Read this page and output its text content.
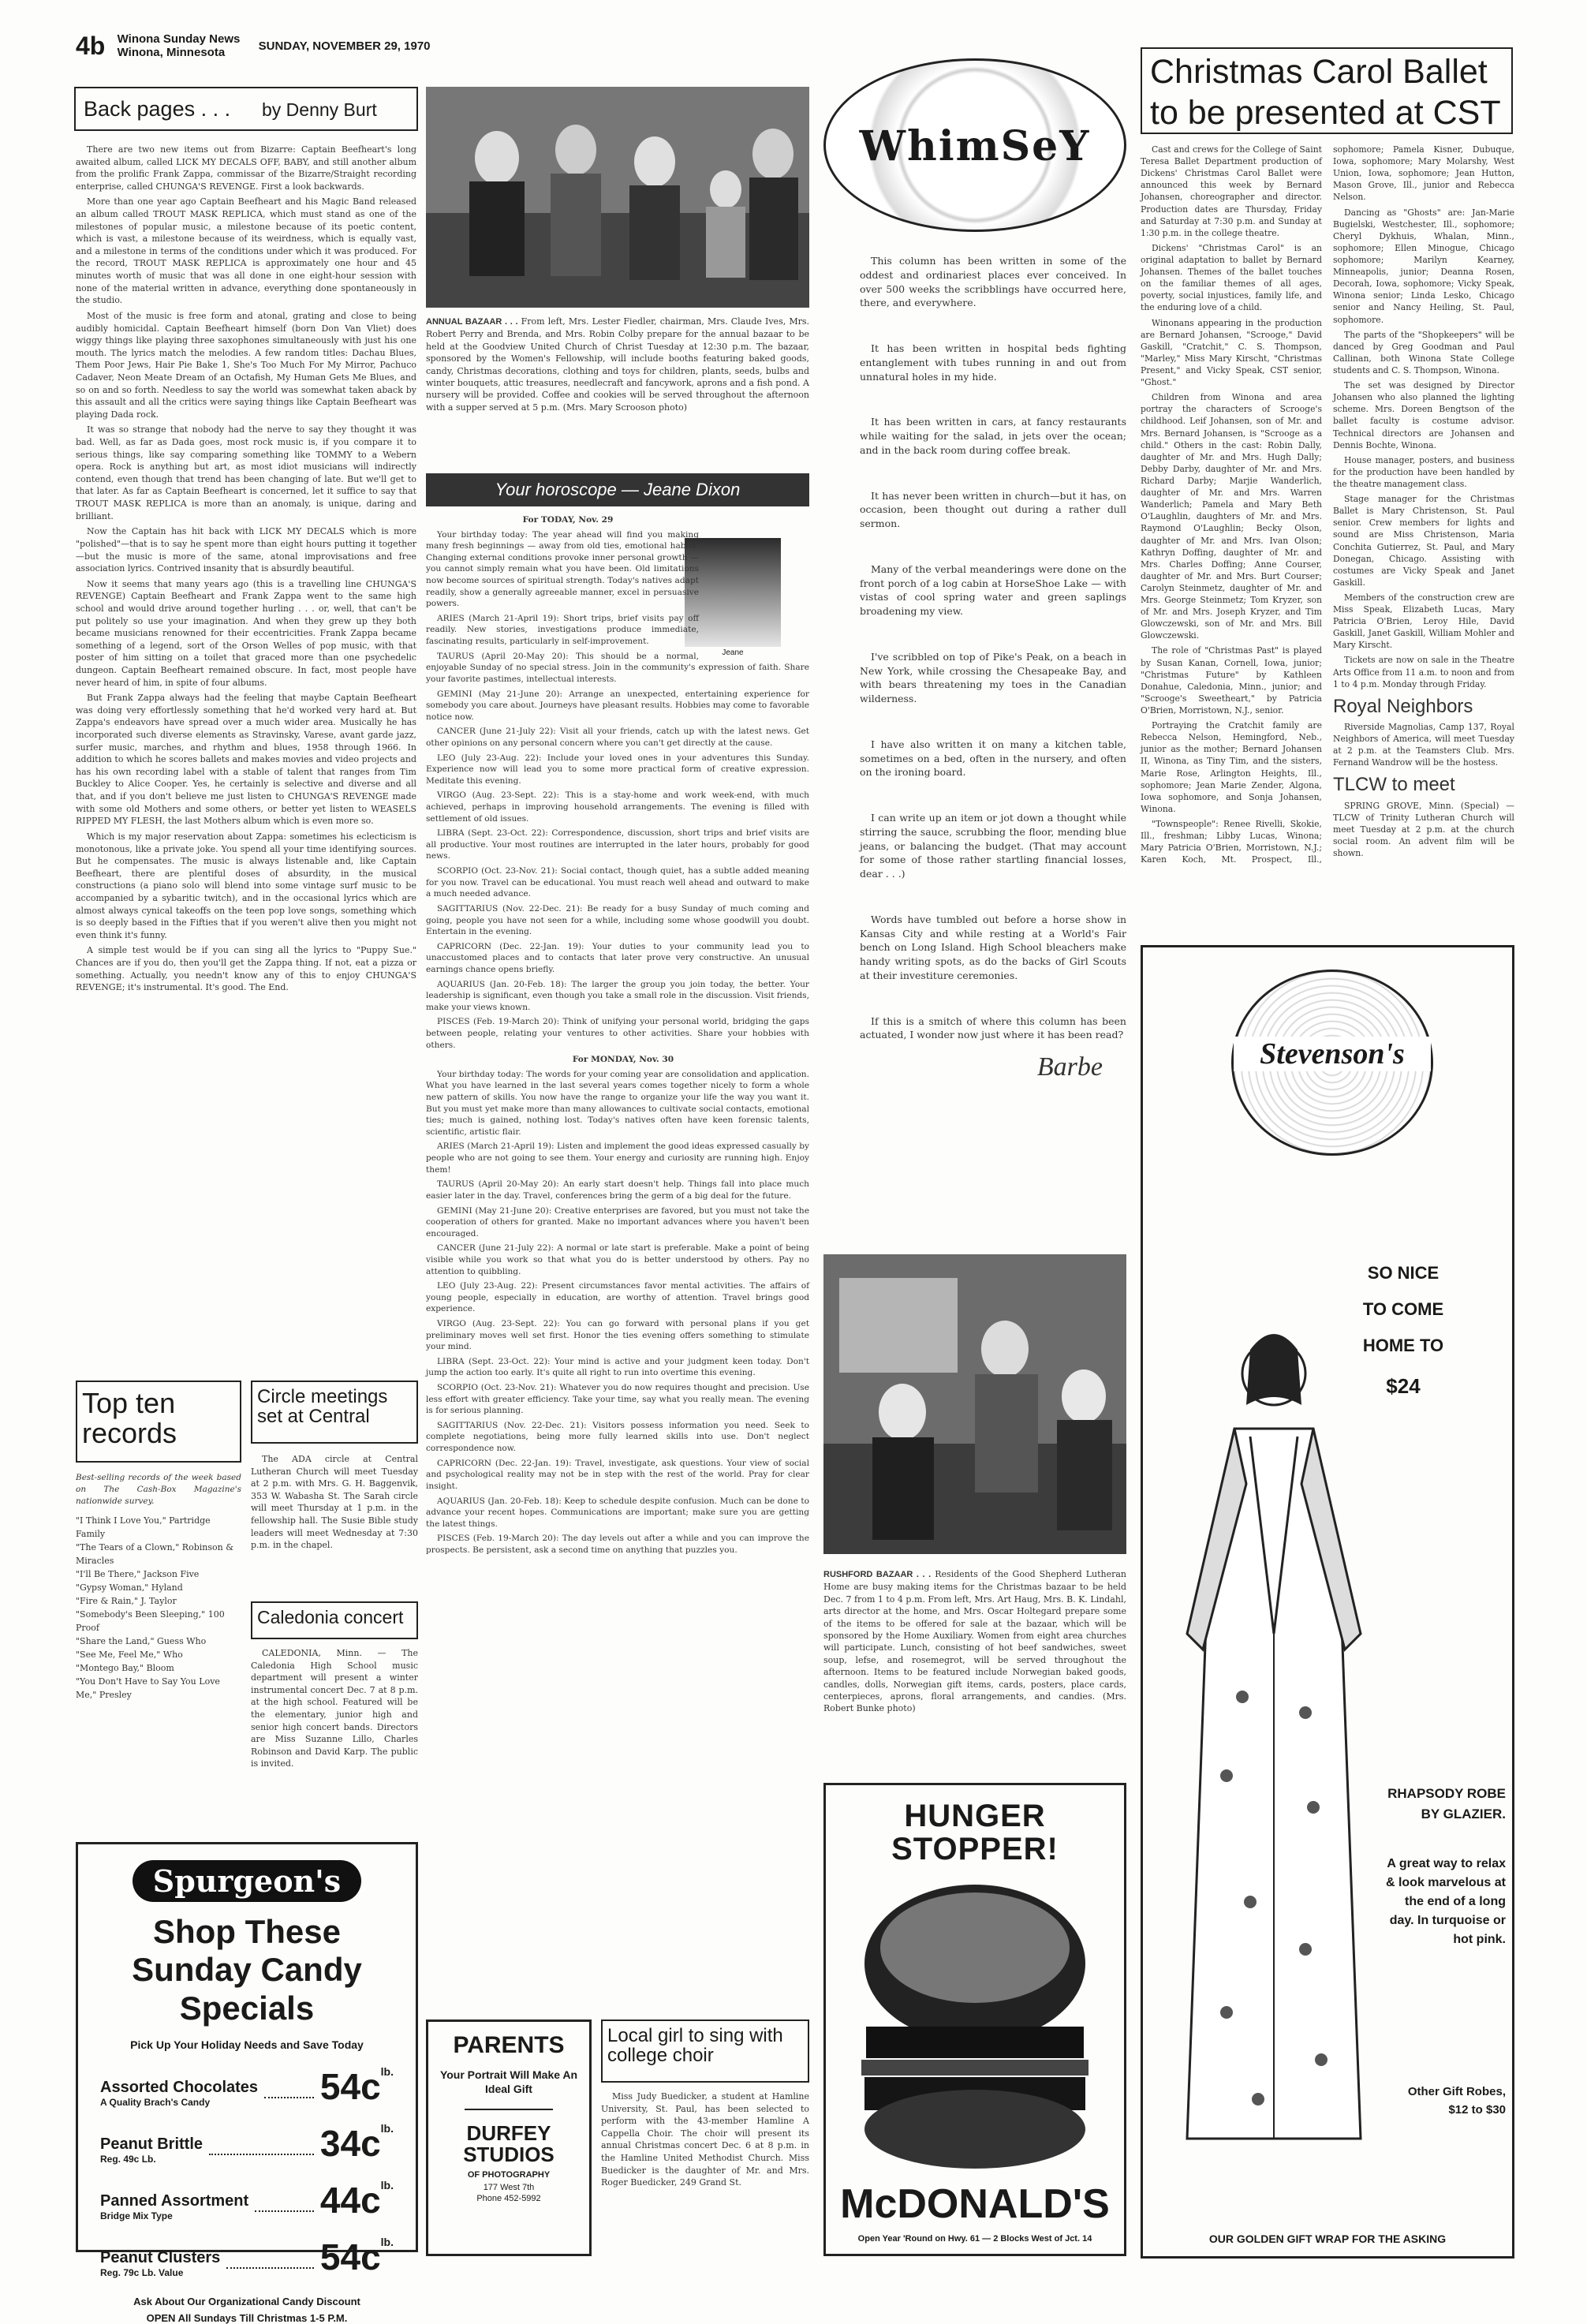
4b Winona Sunday News
Winona, Minnesota	SUNDAY, NOVEMBER 29, 1970
Back pages . . . by Denny Burt

There are two new items out from Bizarre: Captain Beefheart's long awaited album, called LICK MY DECALS OFF, BABY, and still another album from the prolific Frank Zappa, commissar of the Bizarre/Straight recording enterprise, called CHUNGA'S REVENGE. First a look backwards.

More than one year ago Captain Beefheart and his Magic Band released an album called TROUT MASK REPLICA, which must stand as one of the milestones of popular music, a milestone because of its poetic content, which is vast, a milestone because of its weirdness, which is equally vast, and a milestone in terms of the conditions under which it was produced. For the record, TROUT MASK REPLICA is approximately one hour and 45 minutes worth of music that was all done in one eight-hour session with none of the material written in advance, everything done spontaneously in the studio.

Most of the music is free form and atonal, grating and close to being audibly homicidal. Captain Beefheart himself (born Don Van Vliet) does wiggy things like playing three saxophones simultaneously with just his one mouth. The lyrics match the melodies. A few random titles: Dachau Blues, Them Poor Jews, Hair Pie Bake 1, She's Too Much For My Mirror, Pachuco Cadaver, Neon Meate Dream of an Octafish, My Human Gets Me Blues, and so on and so forth. Needless to say the world was somewhat taken aback by this assault and all the critics were saying things like Captain Beefheart was playing Dada rock.

It was so strange that nobody had the nerve to say they thought it was bad. Well, as far as Dada goes, most rock music is, if you compare it to serious things, like say comparing something like TOMMY to a Webern opera. Rock is anything but art, as most idiot musicians will indirectly contend, even though that trend has been changing of late. But we'll get to that later. As far as Captain Beefheart is concerned, let it suffice to say that TROUT MASK REPLICA is more than an anomaly, is unique, daring and brilliant.

Now the Captain has hit back with LICK MY DECALS which is more "polished"—that is to say he spent more than eight hours putting it together—but the music is more of the same, atonal improvisations and free association lyrics. Contrived insanity that is absurdly beautiful.

Now it seems that many years ago (this is a travelling line CHUNGA'S REVENGE) Captain Beefheart and Frank Zappa went to the same high school and would drive around together hurling . . . or, well, that can't be put politely so use your imagination. And when they grew up they both became musicians renowned for their eccentricities. Frank Zappa became something of a legend, sort of the Orson Welles of pop music, with that poster of him sitting on a toilet that graced more than one psychedelic dungeon. Captain Beefheart remained obscure. In fact, most people have never heard of him, in spite of four albums.

But Frank Zappa always had the feeling that maybe Captain Beefheart was doing very effortlessly something that he'd worked very hard at. But Zappa's endeavors have spread over a much wider area. Musically he has incorporated such diverse elements as Stravinsky, Varese, avant garde jazz, surfer music, marches, and rhythm and blues, 1958 through 1966. In addition to which he scores ballets and makes movies and video projects and has his own recording label with a stable of talent that ranges from Tim Buckley to Alice Cooper. Yes, he certainly is selective and diverse and all that, and if you don't believe me just listen to CHUNGA'S REVENGE made with some old Mothers and some others, or better yet listen to WEASELS RIPPED MY FLESH, the last Mothers album which is even more so.

Which is my major reservation about Zappa: sometimes his eclecticism is monotonous, like a private joke. You spend all your time identifying sources. But he compensates. The music is always listenable and, like Captain Beefheart, there are plentiful doses of absurdity, in the musical constructions (a piano solo will blend into some vintage surf music to be accompanied by a sybaritic twitch), and in the occasional lyrics which are almost always cynical takeoffs on the teen pop love songs, something which is so deeply based in the Fifties that if you weren't alive then you might not even think it's funny.

A simple test would be if you can sing all the lyrics to "Puppy Sue." Chances are if you do, then you'll get the Zappa thing. If not, eat a pizza or something. Actually, you needn't know any of this to enjoy CHUNGA'S REVENGE; it's instrumental. It's good. The End.

Top ten records
Best-selling records of the week based on The Cash-Box Magazine's nationwide survey.
"I Think I Love You," Partridge Family
"The Tears of a Clown," Robinson & Miracles
"I'll Be There," Jackson Five
"Gypsy Woman," Hyland
"Fire & Rain," J. Taylor
"Somebody's Been Sleeping," 100 Proof
"Share the Land," Guess Who
"See Me, Feel Me," Who
"Montego Bay," Bloom
"You Don't Have to Say You Love Me," Presley
Circle meetings set at Central
The ADA circle at Central Lutheran Church will meet Tuesday at 2 p.m. with Mrs. G. H. Baggenvik, 353 W. Wabasha St. The Sarah circle will meet Thursday at 1 p.m. in the fellowship hall. The Susie Bible study leaders will meet Wednesday at 7:30 p.m. in the chapel.
Caledonia concert
CALEDONIA, Minn. — The Caledonia High School music department will present a winter instrumental concert Dec. 7 at 8 p.m. at the high school. Featured will be the elementary, junior high and senior high concert bands. Directors are Miss Suzanne Lillo, Charles Robinson and David Karp. The public is invited.
Spurgeon's
Shop These Sunday Candy Specials
Pick Up Your Holiday Needs and Save Today
Assorted Chocolates
A Quality Brach's Candy	$54c^{lb.}$
Peanut Brittle
Reg. 49c Lb.	$34c^{lb.}$
Panned Assortment
Bridge Mix Type	$44c^{lb.}$
Peanut Clusters
Reg. 79c Lb. Value	$54c^{lb.}$
Ask About Our Organizational Candy Discount
OPEN All Sundays Till Christmas 1-5 P.M.
ANNUAL BAZAAR . . . From left, Mrs. Lester Fiedler, chairman, Mrs. Claude Ives, Mrs. Robert Perry and Brenda, and Mrs. Robin Colby prepare for the annual bazaar to be held at the Goodview United Church of Christ Tuesday at 12:30 p.m. The bazaar, sponsored by the Women's Fellowship, will include booths featuring baked goods, candy, Christmas decorations, clothing and toys for children, plants, seeds, bulbs and winter bouquets, attic treasures, needlecraft and fancywork, aprons and a fish pond. A nursery will be provided. Coffee and cookies will be served throughout the afternoon with a supper served at 5 p.m. (Mrs. Mary Scrooson photo)
Your horoscope — Jeane Dixon
Jeane

For TODAY, Nov. 29

Your birthday today: The year ahead will find you making many fresh beginnings — away from old ties, emotional habits. Changing external conditions provoke inner personal growth — you cannot simply remain what you have been. Old limitations now become sources of spiritual strength. Today's natives adapt readily, show a generally agreeable manner, excel in persuasive powers.

ARIES (March 21-April 19): Short trips, brief visits pay off readily. New stories, investigations produce immediate, fascinating results, particularly in self-improvement.

TAURUS (April 20-May 20): This should be a normal, enjoyable Sunday of no special stress. Join in the community's expression of faith. Share your favorite pastimes, intellectual interests.

GEMINI (May 21-June 20): Arrange an unexpected, entertaining experience for somebody you care about. Journeys have pleasant results. Hobbies may come to favorable notice now.

CANCER (June 21-July 22): Visit all your friends, catch up with the latest news. Get other opinions on any personal concern where you can't get directly at the cause.

LEO (July 23-Aug. 22): Include your loved ones in your adventures this Sunday. Experience now will lead you to some more practical form of creative expression. Meditate this evening.

VIRGO (Aug. 23-Sept. 22): This is a stay-home and work week-end, with much achieved, perhaps in improving household arrangements. The evening is filled with settlement of old issues.

LIBRA (Sept. 23-Oct. 22): Correspondence, discussion, short trips and brief visits are all productive. Your most routines are interrupted in the later hours, probably for good news.

SCORPIO (Oct. 23-Nov. 21): Social contact, though quiet, has a subtle added meaning for you now. Travel can be educational. You must reach well ahead and outward to make a much needed advance.

SAGITTARIUS (Nov. 22-Dec. 21): Be ready for a busy Sunday of much coming and going, people you have not seen for a while, including some whose goodwill you doubt. Entertain in the evening.

CAPRICORN (Dec. 22-Jan. 19): Your duties to your community lead you to unaccustomed places and to contacts that later prove very constructive. An unusual earnings chance opens briefly.

AQUARIUS (Jan. 20-Feb. 18): The larger the group you join today, the better. Your leadership is significant, even though you take a small role in the discussion. Visit friends, make your views known.

PISCES (Feb. 19-March 20): Think of unifying your personal world, bridging the gaps between people, relating your ventures to other activities. Share your hobbies with others.

For MONDAY, Nov. 30

Your birthday today: The words for your coming year are consolidation and application. What you have learned in the last several years comes together nicely to form a whole new pattern of skills. You now have the range to organize your life the way you want it. But you must yet make more than many allowances to cultivate social contacts, emotional ties; much is gained, nothing lost. Today's natives often have keen forensic talents, scientific, artistic flair.

ARIES (March 21-April 19): Listen and implement the good ideas expressed casually by people who are not going to see them. Your energy and curiosity are running high. Enjoy them!

TAURUS (April 20-May 20): An early start doesn't help. Things fall into place much easier later in the day. Travel, conferences bring the germ of a big deal for the future.

GEMINI (May 21-June 20): Creative enterprises are favored, but you must not take the cooperation of others for granted. Make no important advances where you haven't been encouraged.

CANCER (June 21-July 22): A normal or late start is preferable. Make a point of being visible while you work so that what you do is better understood by others. Pay no attention to quibbling.

LEO (July 23-Aug. 22): Present circumstances favor mental activities. The affairs of young people, especially in education, are worthy of attention. Travel brings good experience.

VIRGO (Aug. 23-Sept. 22): You can go forward with personal plans if you get preliminary moves well set first. Honor the ties evening offers something to stimulate your mind.

LIBRA (Sept. 23-Oct. 22): Your mind is active and your judgment keen today. Don't jump the action too early. It's quite all right to run into overtime this evening.

SCORPIO (Oct. 23-Nov. 21): Whatever you do now requires thought and precision. Use less effort with greater efficiency. Take your time, say what you really mean. The evening is for serious planning.

SAGITTARIUS (Nov. 22-Dec. 21): Visitors possess information you need. Seek to complete negotiations, being more fully learned skills into use. Don't neglect correspondence now.

CAPRICORN (Dec. 22-Jan. 19): Travel, investigate, ask questions. Your view of social and psychological reality may not be in step with the rest of the world. Pray for clear insight.

AQUARIUS (Jan. 20-Feb. 18): Keep to schedule despite confusion. Much can be done to advance your recent hopes. Communications are important; make sure you are getting the latest things.

PISCES (Feb. 19-March 20): The day levels out after a while and you can improve the prospects. Be persistent, ask a second time on anything that puzzles you.

PARENTS
Your Portrait Will Make An Ideal Gift
DURFEY STUDIOS
OF PHOTOGRAPHY
177 West 7th
Phone 452-5992
Local girl to sing with college choir
Miss Judy Buedicker, a student at Hamline University, St. Paul, has been selected to perform with the 43-member Hamline A Cappella Choir. The choir will present its annual Christmas concert Dec. 6 at 8 p.m. in the Hamline United Methodist Church. Miss Buedicker is the daughter of Mr. and Mrs. Roger Buedicker, 249 Grand St.
WhimSeY

This column has been written in some of the oddest and ordinariest places ever conceived. In over 500 weeks the scribblings have occurred here, there, and everywhere.

It has been written in hospital beds fighting entanglement with tubes running in and out from unnatural holes in my hide.

It has been written in cars, at fancy restaurants while waiting for the salad, in jets over the ocean; and in the back room during coffee break.

It has never been written in church—but it has, on occasion, been thought out during a rather dull sermon.

Many of the verbal meanderings were done on the front porch of a log cabin at HorseShoe Lake — with vistas of cool spring water and green saplings broadening my view.

I've scribbled on top of Pike's Peak, on a beach in New York, while crossing the Chesapeake Bay, and with bears threatening my toes in the Canadian wilderness.

I have also written it on many a kitchen table, sometimes on a bed, often in the nursery, and often on the ironing board.

I can write up an item or jot down a thought while stirring the sauce, scrubbing the floor, mending blue jeans, or balancing the budget. (That may account for some of those rather startling financial losses, dear . . .)

Words have tumbled out before a horse show in Kansas City and while resting at a World's Fair bench on Long Island. High School bleachers make handy writing spots, as do the backs of Girl Scouts at their investiture ceremonies.

If this is a smitch of where this column has been actuated, I wonder now just where it has been read?

Barbe
RUSHFORD BAZAAR . . . Residents of the Good Shepherd Lutheran Home are busy making items for the Christmas bazaar to be held Dec. 7 from 1 to 4 p.m. From left, Mrs. Art Haug, Mrs. B. K. Lindahl, arts director at the home, and Mrs. Oscar Holtegard prepare some of the items to be offered for sale at the bazaar, which will be sponsored by the Home Auxiliary. Women from eight area churches will participate. Lunch, consisting of hot beef sandwiches, sweet soup, lefse, and rosemegrot, will be served throughout the afternoon. Items to be featured include Norwegian baked goods, candles, dolls, Norwegian gift items, cards, posters, place cards, centerpieces, aprons, floral arrangements, and candies. (Mrs. Robert Bunke photo)
HUNGER STOPPER!
McDONALD'S
Open Year 'Round on Hwy. 61 — 2 Blocks West of Jct. 14
Christmas Carol Ballet to be presented at CST

Cast and crews for the College of Saint Teresa Ballet Department production of Dickens' Christmas Carol Ballet were announced this week by Bernard Johansen, choreographer and director. Production dates are Thursday, Friday and Saturday at 7:30 p.m. and Sunday at 1:30 p.m. in the college theatre.

Dickens' "Christmas Carol" is an original adaptation to ballet by Bernard Johansen. Themes of the ballet touches on the familiar themes of all ages, poverty, social injustices, family life, and the enduring love of a child.

Winonans appearing in the production are Bernard Johansen, "Scrooge," David Gaskill, "Cratchit," C. S. Thompson, "Marley," Miss Mary Kirscht, "Christmas Present," and Vicky Speak, CST senior, "Ghost."

Children from Winona and area portray the characters of Scrooge's childhood. Leif Johansen, son of Mr. and Mrs. Bernard Johansen, is "Scrooge as a child." Others in the cast: Robin Dally, daughter of Mr. and Mrs. Hugh Dally; Debby Darby, daughter of Mr. and Mrs. Richard Darby; Marjie Wanderlich, daughter of Mr. and Mrs. Warren Wanderlich; Pamela and Mary Beth O'Laughlin, daughters of Mr. and Mrs. Raymond O'Laughlin; Becky Olson, daughter of Mr. and Mrs. Ivan Olson; Kathryn Doffing, daughter of Mr. and Mrs. Charles Doffing; Anne Courser, daughter of Mr. and Mrs. Burt Courser; Carolyn Steinmetz, daughter of Mr. and Mrs. George Steinmetz; Tom Kryzer, son of Mr. and Mrs. Joseph Kryzer, and Tim Glowczewski, son of Mr. and Mrs. Bill Glowczewski.

The role of "Christmas Past" is played by Susan Kanan, Cornell, Iowa, junior; "Christmas Future" by Kathleen Donahue, Caledonia, Minn., junior; and "Scrooge's Sweetheart," by Patricia O'Brien, Morristown, N.J., senior.

Portraying the Cratchit family are Rebecca Nelson, Hemingford, Neb., junior as the mother; Bernard Johansen II, Winona, as Tiny Tim, and the sisters, Marie Rose, Arlington Heights, Ill., sophomore; Jean Marie Zender, Algona, Iowa sophomore, and Sonja Johansen, Winona.

"Townspeople": Renee Rivelli, Skokie, Ill., freshman; Libby Lucas, Winona; Mary Patricia O'Brien, Morristown, N.J.; Karen Koch, Mt. Prospect, Ill., sophomore; Pamela Kisner, Dubuque, Iowa, sophomore; Mary Molarshy, West Union, Iowa, sophomore; Jean Hutton, Mason Grove, Ill., junior and Rebecca Nelson.

Dancing as "Ghosts" are: Jan-Marie Bugielski, Westchester, Ill., sophomore; Cheryl Dykhuis, Whalan, Minn., sophomore; Ellen Minogue, Chicago sophomore; Marilyn Kearney, Minneapolis, junior; Deanna Rosen, Decorah, Iowa, sophomore; Vicky Speak, Winona senior; Linda Lesko, Chicago senior and Nancy Heiling, St. Paul, sophomore.

The parts of the "Shopkeepers" will be danced by Greg Goodman and Paul Callinan, both Winona State College students and C. S. Thompson, Winona.

The set was designed by Director Johansen who also planned the lighting scheme. Mrs. Doreen Bengtson of the ballet faculty is costume advisor. Technical directors are Johansen and Dennis Bochte, Winona.

House manager, posters, and business for the production have been handled by the theatre management class.

Stage manager for the Christmas Ballet is Mary Christenson, St. Paul senior. Crew members for lights and sound are Miss Christenson, Maria Conchita Gutierrez, St. Paul, and Mary Donegan, Chicago. Assisting with costumes are Vicky Speak and Janet Gaskill.

Members of the construction crew are Miss Speak, Elizabeth Lucas, Mary Patricia O'Brien, Leroy Hile, David Gaskill, Janet Gaskill, William Mohler and Mary Kirscht.

Tickets are now on sale in the Theatre Arts Office from 11 a.m. to noon and from 1 to 4 p.m. Monday through Friday.

Royal Neighbors

Riverside Magnolias, Camp 137, Royal Neighbors of America, will meet Tuesday at 2 p.m. at the Teamsters Club. Mrs. Fernand Wandrow will be the hostess.

TLCW to meet

SPRING GROVE, Minn. (Special) — TLCW of Trinity Lutheran Church will meet Tuesday at 2 p.m. at the church social room. An advent film will be shown.

Stevenson's
SO NICE
TO COME
HOME TO
$24
RHAPSODY ROBE BY GLAZIER.
A great way to relax & look marvelous at the end of a long day. In turquoise or hot pink.
Other Gift Robes, $12 to $30
OUR GOLDEN GIFT WRAP FOR THE ASKING
